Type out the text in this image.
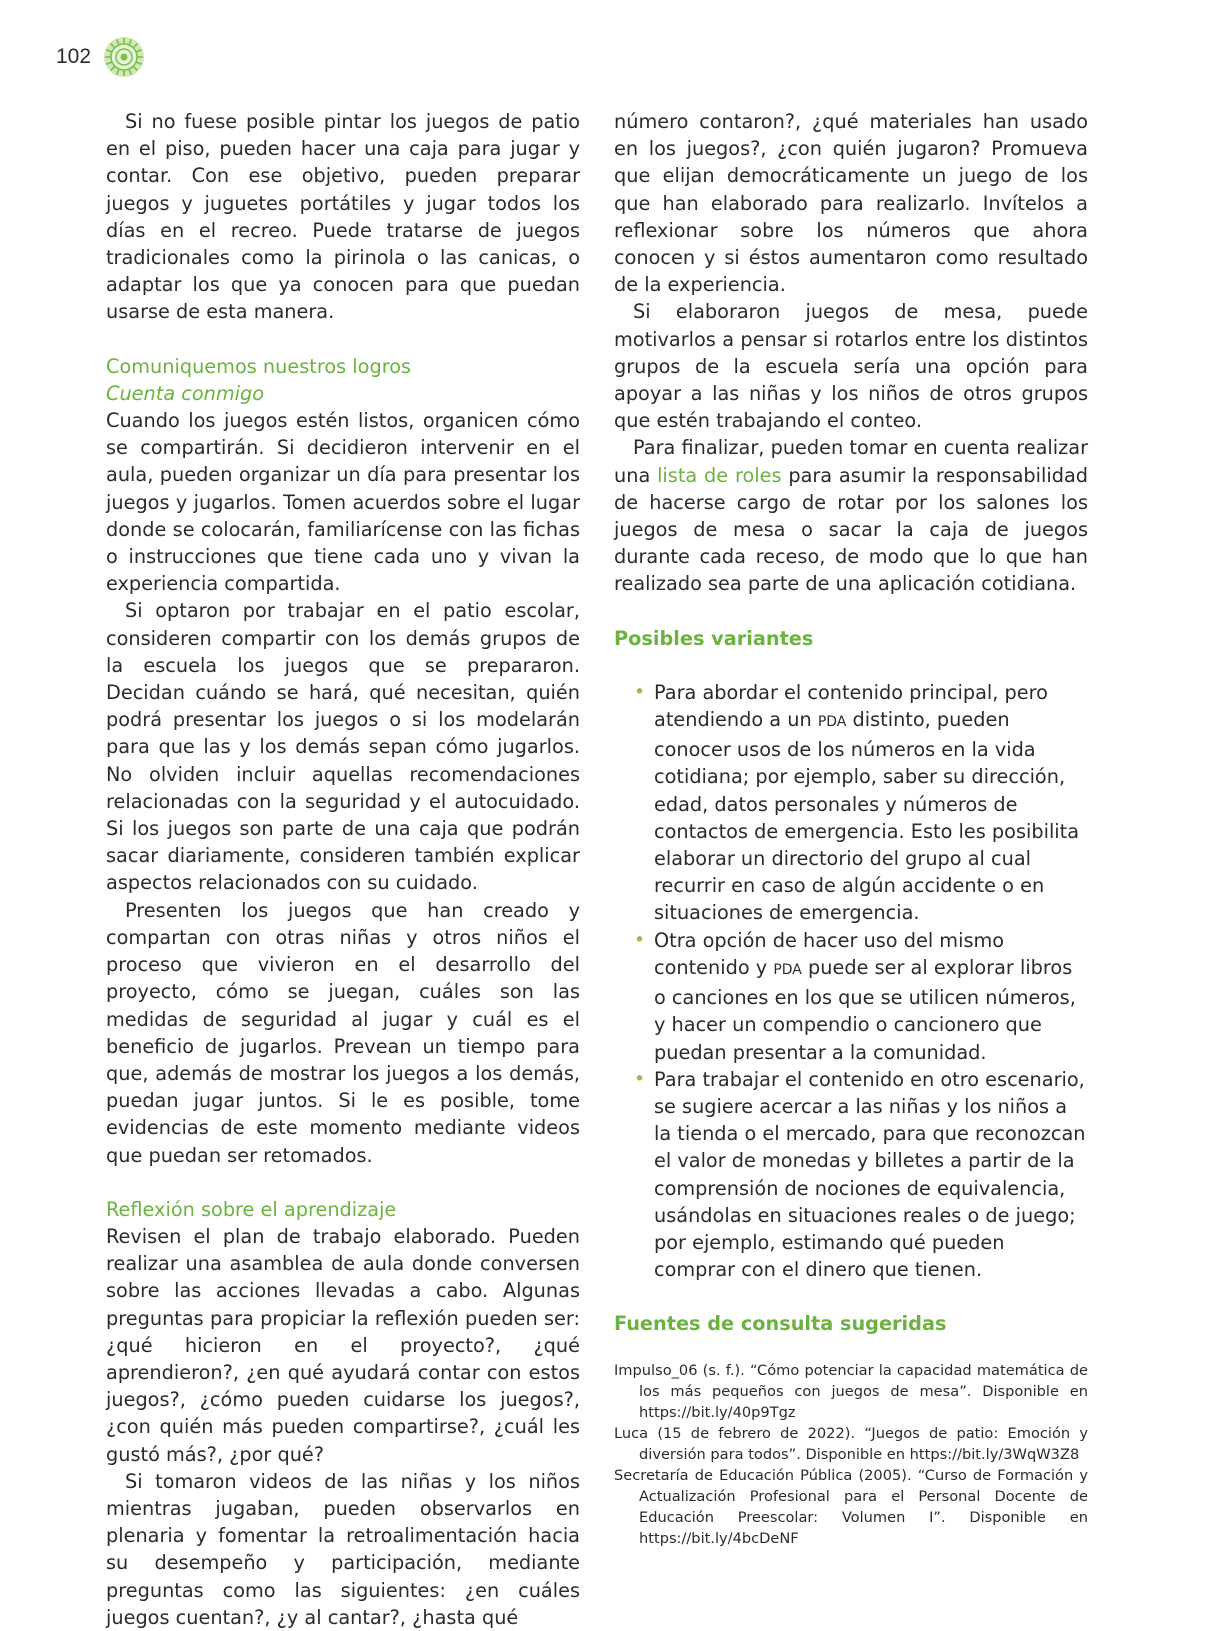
102

Si no fuese posible pintar los juegos de patio en el piso, pueden hacer una caja para jugar y contar. Con ese objetivo, pueden preparar juegos y juguetes portátiles y jugar todos los días en el recreo. Puede tratarse de juegos tradicionales como la pirinola o las canicas, o adaptar los que ya conocen para que puedan usarse de esta manera.

Comuniquemos nuestros logros
Cuenta conmigo

Cuando los juegos estén listos, organicen cómo se compartirán. Si decidieron intervenir en el aula, pueden organizar un día para presentar los juegos y jugarlos. Tomen acuerdos sobre el lugar donde se colocarán, familiarícense con las fichas o instrucciones que tiene cada uno y vivan la experiencia compartida.

Si optaron por trabajar en el patio escolar, consideren compartir con los demás grupos de la escuela los juegos que se prepararon. Decidan cuándo se hará, qué necesitan, quién podrá presentar los juegos o si los modelarán para que las y los demás sepan cómo jugarlos. No olviden incluir aquellas recomendaciones relacionadas con la seguridad y el autocuidado. Si los juegos son parte de una caja que podrán sacar diariamente, consideren también explicar aspectos relacionados con su cuidado.

Presenten los juegos que han creado y compartan con otras niñas y otros niños el proceso que vivieron en el desarrollo del proyecto, cómo se juegan, cuáles son las medidas de seguridad al jugar y cuál es el beneficio de jugarlos. Prevean un tiempo para que, además de mostrar los juegos a los demás, puedan jugar juntos. Si le es posible, tome evidencias de este momento mediante videos que puedan ser retomados.

Reflexión sobre el aprendizaje

Revisen el plan de trabajo elaborado. Pueden realizar una asamblea de aula donde conversen sobre las acciones llevadas a cabo. Algunas preguntas para propiciar la reflexión pueden ser: ¿qué hicieron en el proyecto?, ¿qué aprendieron?, ¿en qué ayudará contar con estos juegos?, ¿cómo pueden cuidarse los juegos?, ¿con quién más pueden compartirse?, ¿cuál les gustó más?, ¿por qué?

Si tomaron videos de las niñas y los niños mientras jugaban, pueden observarlos en plenaria y fomentar la retroalimentación hacia su desempeño y participación, mediante preguntas como las siguientes: ¿en cuáles juegos cuentan?, ¿y al cantar?, ¿hasta qué

número contaron?, ¿qué materiales han usado en los juegos?, ¿con quién jugaron? Promueva que elijan democráticamente un juego de los que han elaborado para realizarlo. Invítelos a reflexionar sobre los números que ahora conocen y si éstos aumentaron como resultado de la experiencia.

Si elaboraron juegos de mesa, puede motivarlos a pensar si rotarlos entre los distintos grupos de la escuela sería una opción para apoyar a las niñas y los niños de otros grupos que estén trabajando el conteo.

Para finalizar, pueden tomar en cuenta realizar una lista de roles para asumir la responsabilidad de hacerse cargo de rotar por los salones los juegos de mesa o sacar la caja de juegos durante cada receso, de modo que lo que han realizado sea parte de una aplicación cotidiana.

Posibles variantes
• Para abordar el contenido principal, pero atendiendo a un PDA distinto, pueden conocer usos de los números en la vida cotidiana; por ejemplo, saber su dirección, edad, datos personales y números de contactos de emergencia. Esto les posibilita elaborar un directorio del grupo al cual recurrir en caso de algún accidente o en situaciones de emergencia.
• Otra opción de hacer uso del mismo contenido y PDA puede ser al explorar libros o canciones en los que se utilicen números, y hacer un compendio o cancionero que puedan presentar a la comunidad.
• Para trabajar el contenido en otro escenario, se sugiere acercar a las niñas y los niños a la tienda o el mercado, para que reconozcan el valor de monedas y billetes a partir de la comprensión de nociones de equivalencia, usándolas en situaciones reales o de juego; por ejemplo, estimando qué pueden comprar con el dinero que tienen.
Fuentes de consulta sugeridas

Impulso_06 (s. f.). “Cómo potenciar la capacidad matemática de los más pequeños con juegos de mesa”. Disponible en https://bit.ly/40p9Tgz

Luca (15 de febrero de 2022). “Juegos de patio: Emoción y diversión para todos”. Disponible en https://bit.ly/3WqW3Z8

Secretaría de Educación Pública (2005). “Curso de Formación y Actualización Profesional para el Personal Docente de Educación Preescolar: Volumen I”. Disponible en https://bit.ly/4bcDeNF
